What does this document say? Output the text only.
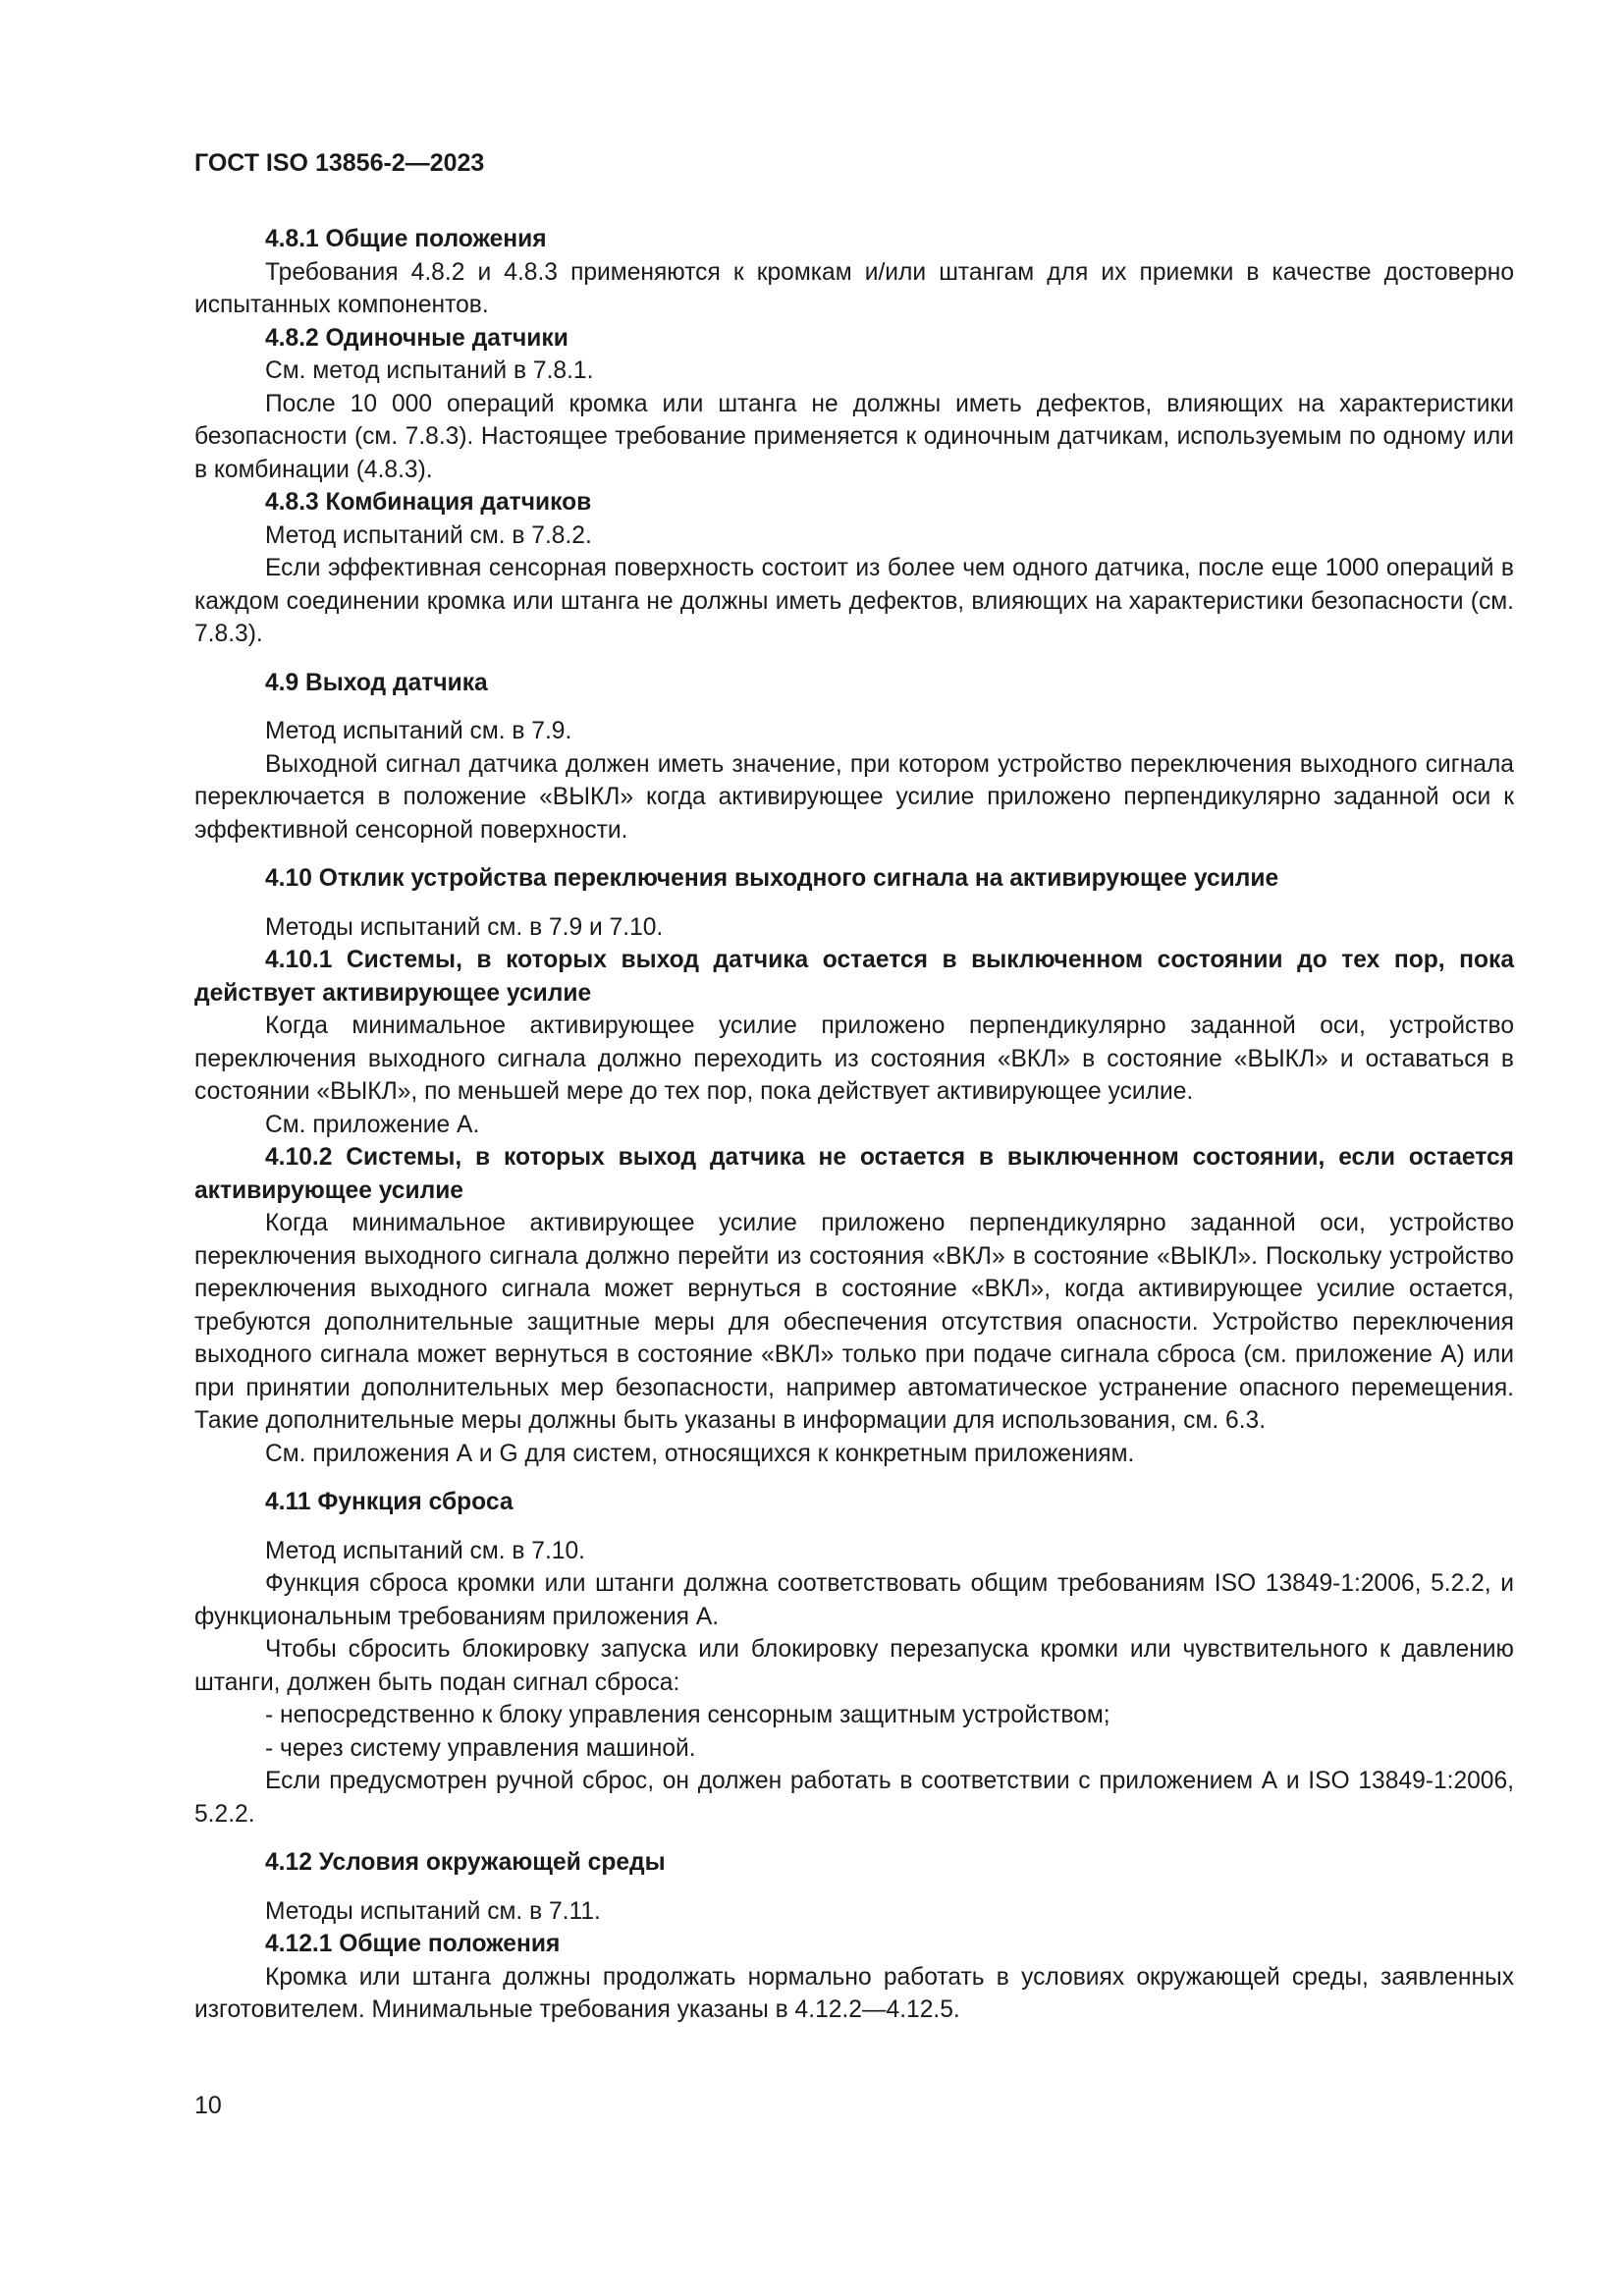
ГОСТ ISO 13856-2—2023

4.8.1 Общие положения

Требования 4.8.2 и 4.8.3 применяются к кромкам и/или штангам для их приемки в качестве достоверно испытанных компонентов.

4.8.2 Одиночные датчики

См. метод испытаний в 7.8.1.

После 10 000 операций кромка или штанга не должны иметь дефектов, влияющих на характеристики безопасности (см. 7.8.3). Настоящее требование применяется к одиночным датчикам, используемым по одному или в комбинации (4.8.3).

4.8.3 Комбинация датчиков

Метод испытаний см. в 7.8.2.

Если эффективная сенсорная поверхность состоит из более чем одного датчика, после еще 1000 операций в каждом соединении кромка или штанга не должны иметь дефектов, влияющих на характеристики безопасности (см. 7.8.3).

4.9 Выход датчика

Метод испытаний см. в 7.9.

Выходной сигнал датчика должен иметь значение, при котором устройство переключения выходного сигнала переключается в положение «ВЫКЛ» когда активирующее усилие приложено перпендикулярно заданной оси к эффективной сенсорной поверхности.

4.10 Отклик устройства переключения выходного сигнала на активирующее усилие

Методы испытаний см. в 7.9 и 7.10.

4.10.1 Системы, в которых выход датчика остается в выключенном состоянии до тех пор, пока действует активирующее усилие

Когда минимальное активирующее усилие приложено перпендикулярно заданной оси, устройство переключения выходного сигнала должно переходить из состояния «ВКЛ» в состояние «ВЫКЛ» и оставаться в состоянии «ВЫКЛ», по меньшей мере до тех пор, пока действует активирующее усилие.

См. приложение А.

4.10.2 Системы, в которых выход датчика не остается в выключенном состоянии, если остается активирующее усилие

Когда минимальное активирующее усилие приложено перпендикулярно заданной оси, устройство переключения выходного сигнала должно перейти из состояния «ВКЛ» в состояние «ВЫКЛ». Поскольку устройство переключения выходного сигнала может вернуться в состояние «ВКЛ», когда активирующее усилие остается, требуются дополнительные защитные меры для обеспечения отсутствия опасности. Устройство переключения выходного сигнала может вернуться в состояние «ВКЛ» только при подаче сигнала сброса (см. приложение А) или при принятии дополнительных мер безопасности, например автоматическое устранение опасного перемещения. Такие дополнительные меры должны быть указаны в информации для использования, см. 6.3.

См. приложения А и G для систем, относящихся к конкретным приложениям.

4.11 Функция сброса

Метод испытаний см. в 7.10.

Функция сброса кромки или штанги должна соответствовать общим требованиям ISO 13849-1:2006, 5.2.2, и функциональным требованиям приложения А.

Чтобы сбросить блокировку запуска или блокировку перезапуска кромки или чувствительного к давлению штанги, должен быть подан сигнал сброса:

- непосредственно к блоку управления сенсорным защитным устройством;

- через систему управления машиной.

Если предусмотрен ручной сброс, он должен работать в соответствии с приложением А и ISO 13849-1:2006, 5.2.2.

4.12 Условия окружающей среды

Методы испытаний см. в 7.11.

4.12.1 Общие положения

Кромка или штанга должны продолжать нормально работать в условиях окружающей среды, заявленных изготовителем. Минимальные требования указаны в 4.12.2—4.12.5.

10
